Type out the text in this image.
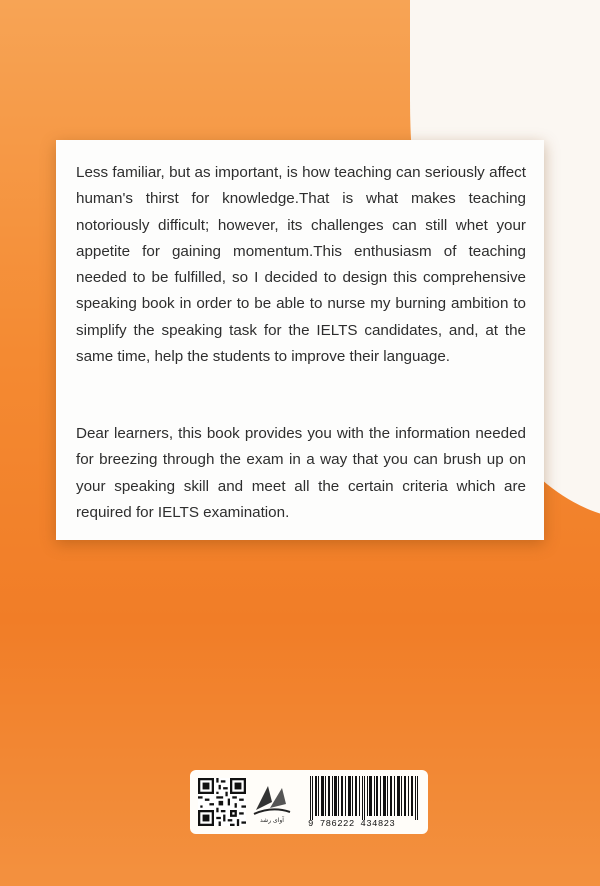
Less familiar, but as important, is how teaching can seriously affect human's thirst for knowledge.That is what makes teaching notoriously difficult; however, its challenges can still whet your appetite for gaining momentum.This enthusiasm of teaching needed to be fulfilled, so I decided to design this comprehensive speaking book in order to be able to nurse my burning ambition to simplify the speaking task for the IELTS candidates, and, at the same time, help the students to improve their language.

Dear learners, this book provides you with the information needed for breezing through the exam in a way that you can brush up on your speaking skill and meet all the certain criteria which are required for IELTS examination.

آوای رشد	9 786222 434823
